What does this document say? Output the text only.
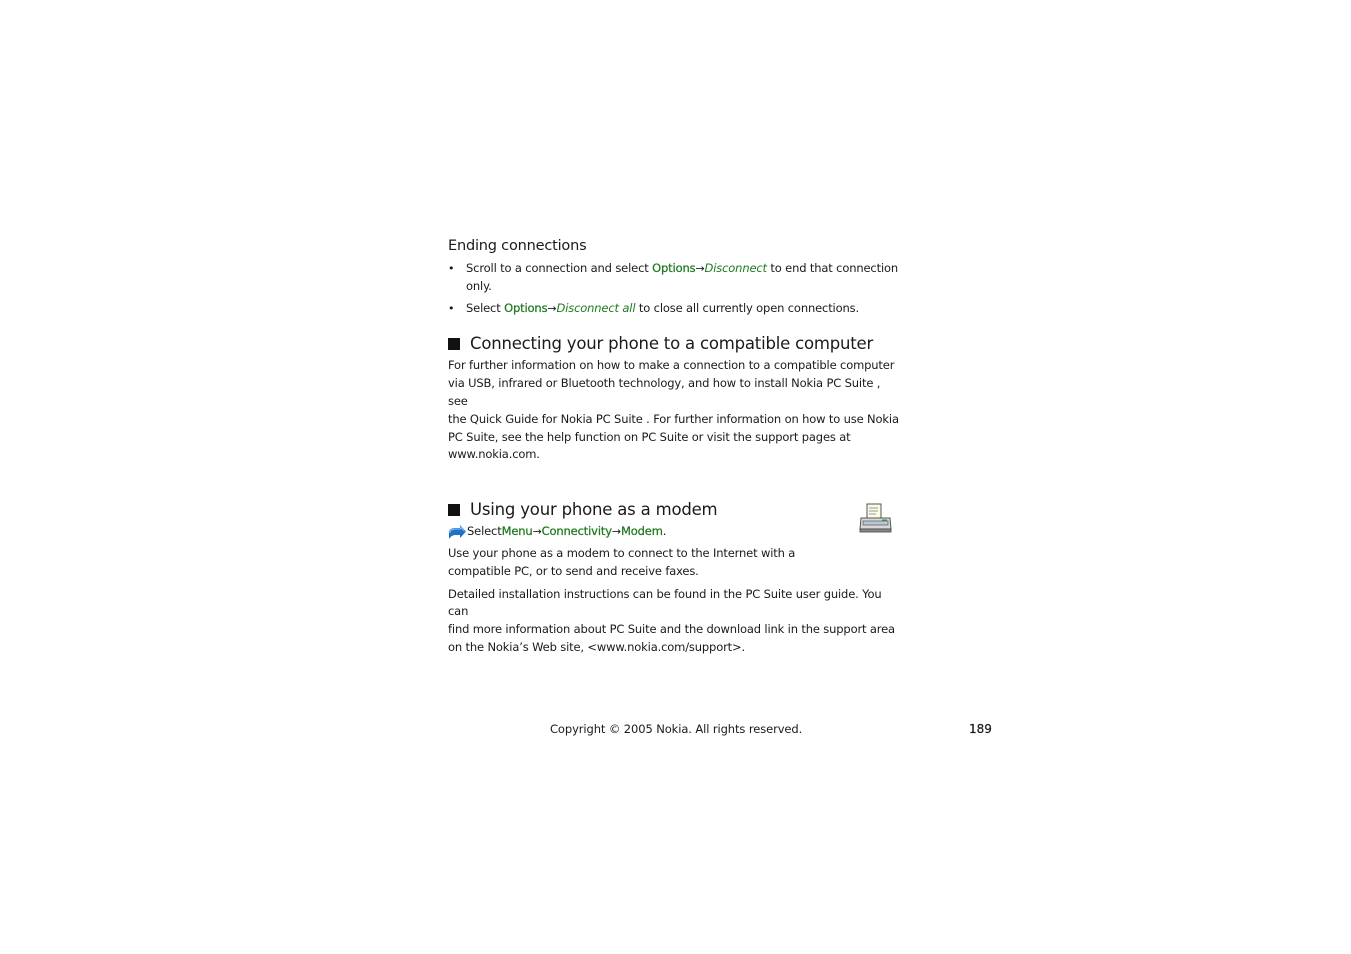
Ending connections
• Scroll to a connection and select Options→Disconnect to end that connection
only.
• Select Options→Disconnect all to close all currently open connections.
Connecting your phone to a compatible computer
For further information on how to make a connection to a compatible computer
via USB, infrared or Bluetooth technology, and how to install Nokia PC Suite , see
the Quick Guide for Nokia PC Suite . For further information on how to use Nokia
PC Suite, see the help function on PC Suite or visit the support pages at
www.nokia.com.
Using your phone as a modem
Select Menu → Connectivity → Modem .
Use your phone as a modem to connect to the Internet with a
compatible PC, or to send and receive faxes.
Detailed installation instructions can be found in the PC Suite user guide. You can
find more information about PC Suite and the download link in the support area
on the Nokia’s Web site, <www.nokia.com/support>.
Copyright © 2005 Nokia. All rights reserved.	189
